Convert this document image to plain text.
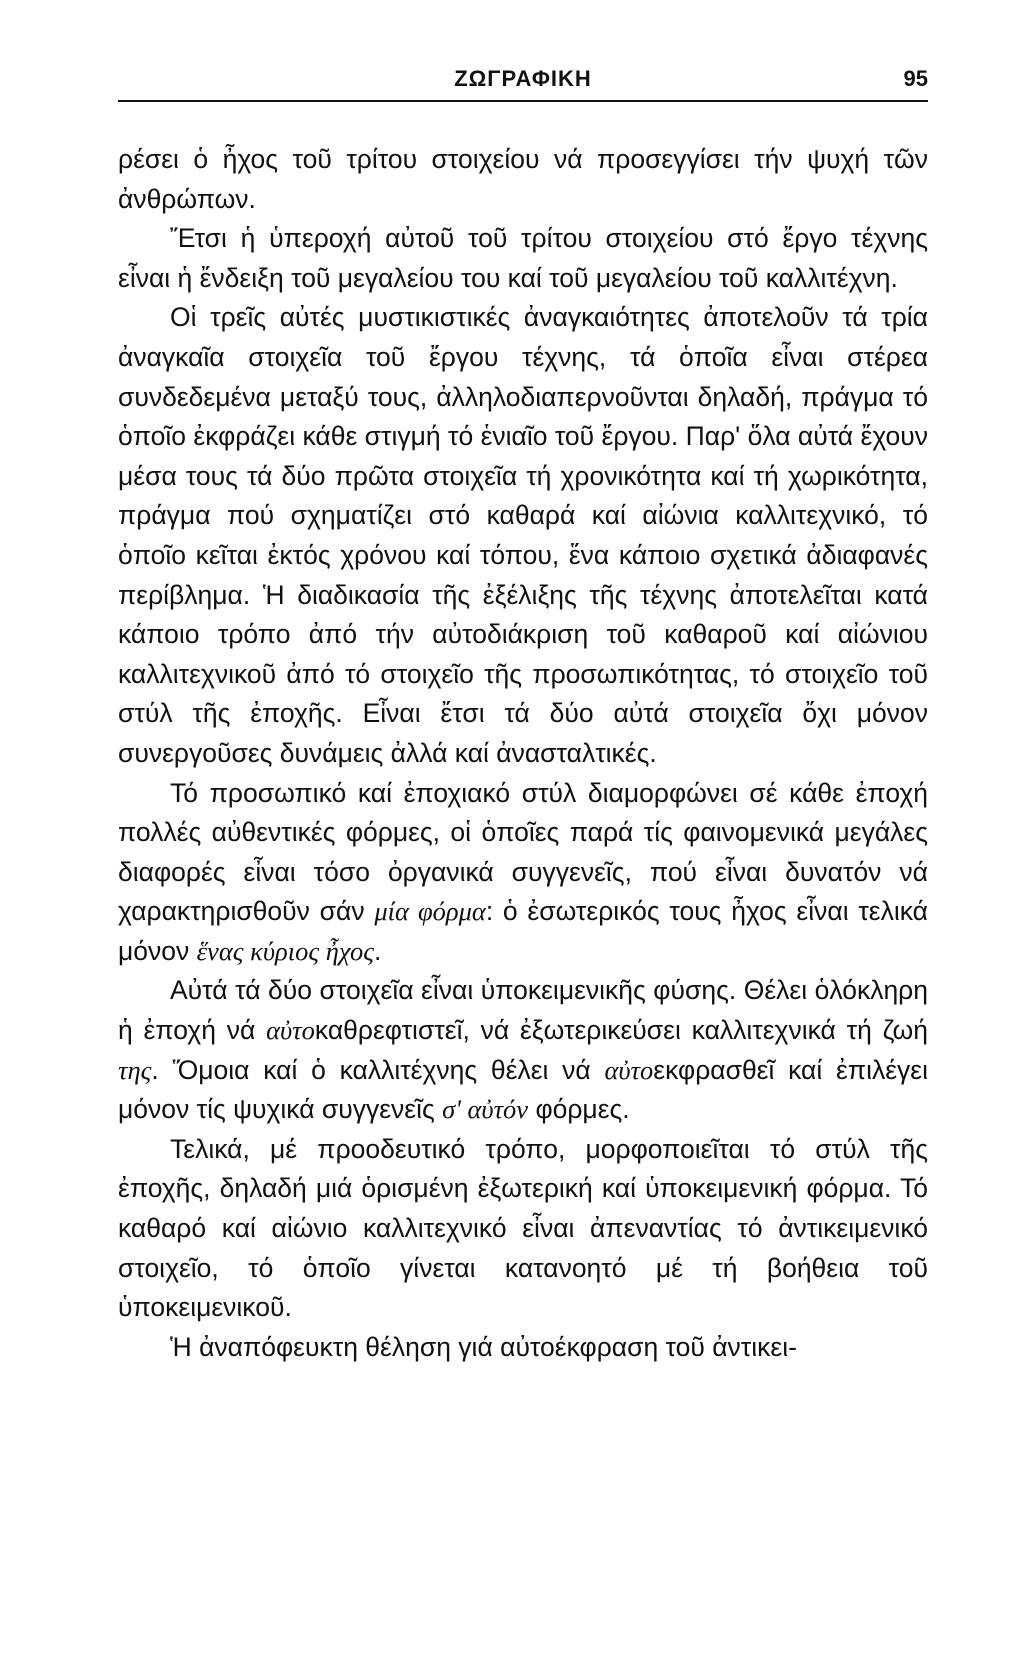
ΖΩΓΡΑΦΙΚΗ	95

ρέσει ὁ ἦχος τοῦ τρίτου στοιχείου νά προσεγγίσει τήν ψυχή τῶν ἀνθρώπων.

Ἔτσι ἡ ὑπεροχή αὐτοῦ τοῦ τρίτου στοιχείου στό ἔργο τέχνης εἶναι ἡ ἔνδειξη τοῦ μεγαλείου του καί τοῦ μεγαλείου τοῦ καλλιτέχνη.

Οἱ τρεῖς αὐτές μυστικιστικές ἀναγκαιότητες ἀποτελοῦν τά τρία ἀναγκαῖα στοιχεῖα τοῦ ἔργου τέχνης, τά ὁποῖα εἶναι στέρεα συνδεδεμένα μεταξύ τους, ἀλληλοδιαπερνοῦνται δηλαδή, πράγμα τό ὁποῖο ἐκφράζει κάθε στιγμή τό ἑνιαῖο τοῦ ἔργου. Παρ' ὅλα αὐτά ἔχουν μέσα τους τά δύο πρῶτα στοιχεῖα τή χρονικότητα καί τή χωρικότητα, πράγμα πού σχηματίζει στό καθαρά καί αἰώνια καλλιτεχνικό, τό ὁποῖο κεῖται ἐκτός χρόνου καί τόπου, ἕνα κάποιο σχετικά ἀδιαφανές περίβλημα. Ἡ διαδικασία τῆς ἐξέλιξης τῆς τέχνης ἀποτελεῖται κατά κάποιο τρόπο ἀπό τήν αὐτοδιάκριση τοῦ καθαροῦ καί αἰώνιου καλλιτεχνικοῦ ἀπό τό στοιχεῖο τῆς προσωπικότητας, τό στοιχεῖο τοῦ στύλ τῆς ἐποχῆς. Εἶναι ἔτσι τά δύο αὐτά στοιχεῖα ὄχι μόνον συνεργοῦσες δυνάμεις ἀλλά καί ἀνασταλτικές.

Τό προσωπικό καί ἐποχιακό στύλ διαμορφώνει σέ κάθε ἐποχή πολλές αὐθεντικές φόρμες, οἱ ὁποῖες παρά τίς φαινομενικά μεγάλες διαφορές εἶναι τόσο ὀργανικά συγγενεῖς, πού εἶναι δυνατόν νά χαρακτηρισθοῦν σάν μία φόρμα: ὁ ἐσωτερικός τους ἦχος εἶναι τελικά μόνον ἕνας κύριος ἦχος.

Αὐτά τά δύο στοιχεῖα εἶναι ὑποκειμενικῆς φύσης. Θέλει ὁλόκληρη ἡ ἐποχή νά αὐτοκαθρεφτιστεῖ, νά ἐξωτερικεύσει καλλιτεχνικά τή ζωή της. Ὅμοια καί ὁ καλλιτέχνης θέλει νά αὐτοεκφρασθεῖ καί ἐπιλέγει μόνον τίς ψυχικά συγγενεῖς σ' αὐτόν φόρμες.

Τελικά, μέ προοδευτικό τρόπο, μορφοποιεῖται τό στύλ τῆς ἐποχῆς, δηλαδή μιά ὁρισμένη ἐξωτερική καί ὑποκειμενική φόρμα. Τό καθαρό καί αἰώνιο καλλιτεχνικό εἶναι ἀπεναντίας τό ἀντικειμενικό στοιχεῖο, τό ὁποῖο γίνεται κατανοητό μέ τή βοήθεια τοῦ ὑποκειμενικοῦ.

Ἡ ἀναπόφευκτη θέληση γιά αὐτοέκφραση τοῦ ἀντικει-
